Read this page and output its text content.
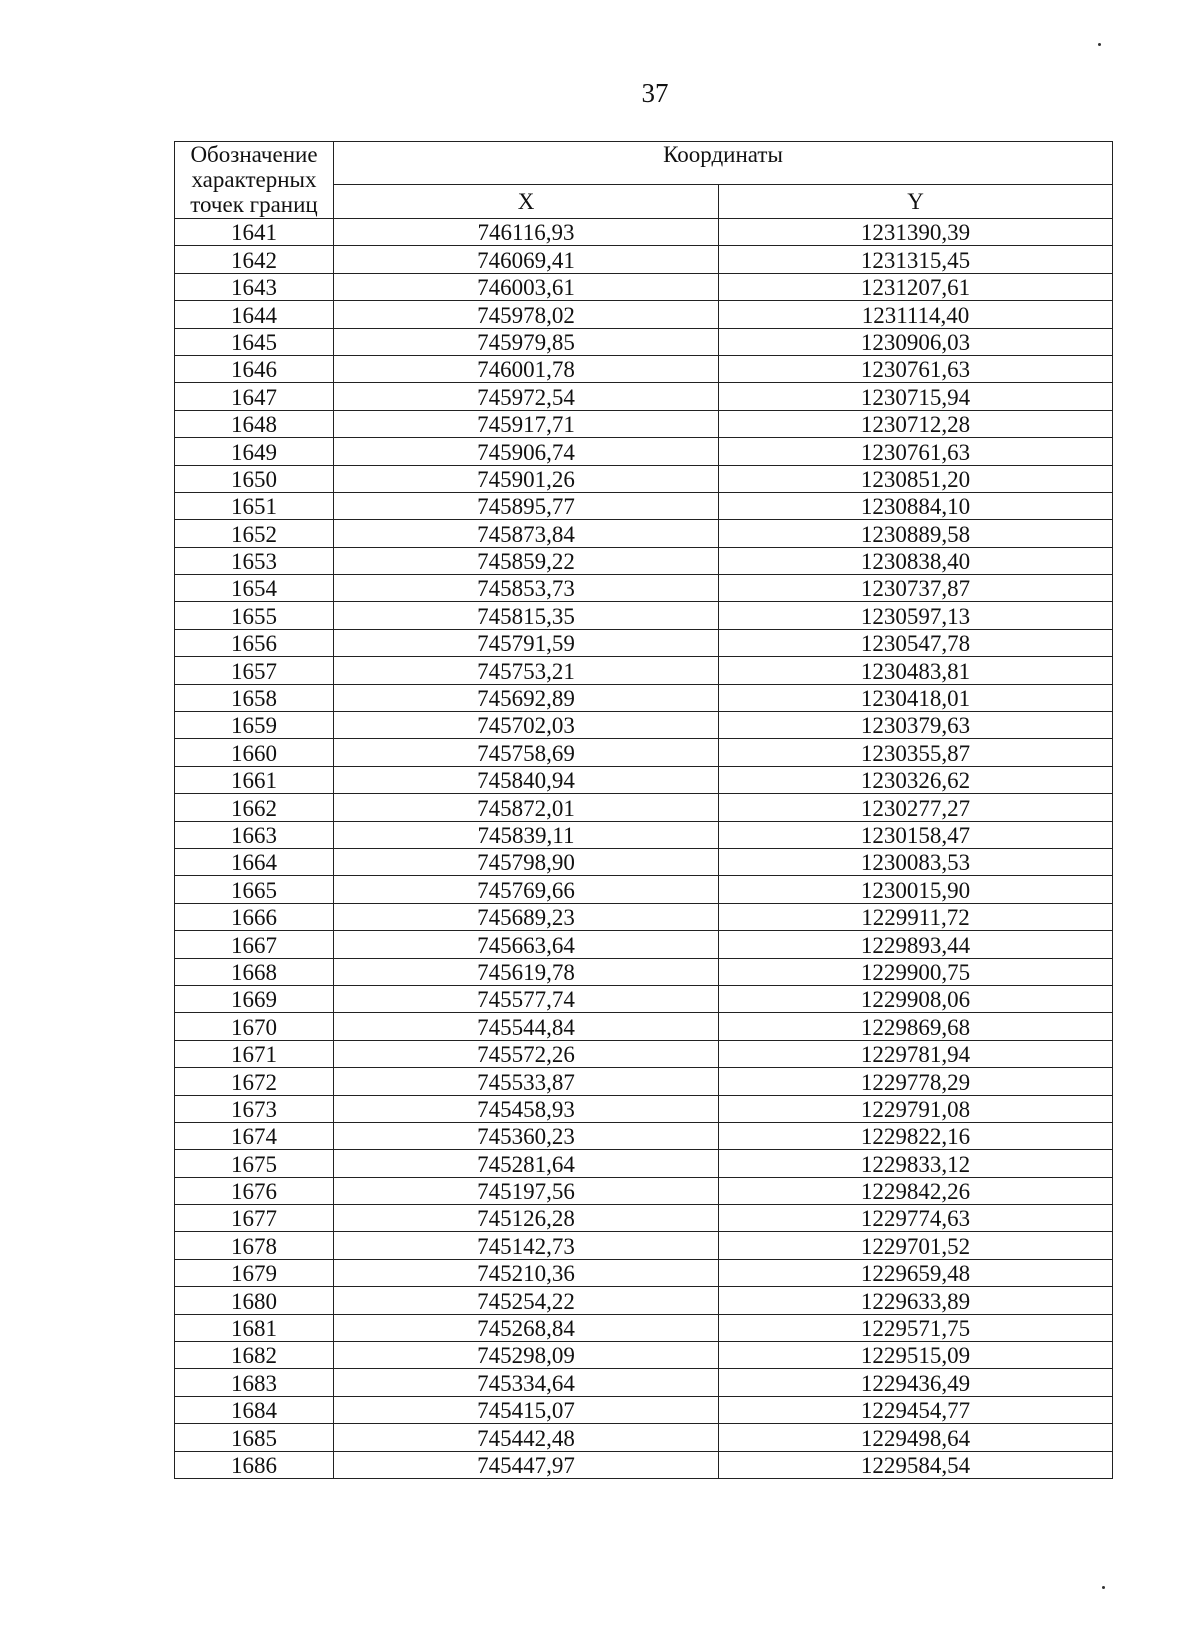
37
Обозначение характерных точек границ	Координаты	
	X	Y
1641	746116,93	1231390,39
1642	746069,41	1231315,45
1643	746003,61	1231207,61
1644	745978,02	1231114,40
1645	745979,85	1230906,03
1646	746001,78	1230761,63
1647	745972,54	1230715,94
1648	745917,71	1230712,28
1649	745906,74	1230761,63
1650	745901,26	1230851,20
1651	745895,77	1230884,10
1652	745873,84	1230889,58
1653	745859,22	1230838,40
1654	745853,73	1230737,87
1655	745815,35	1230597,13
1656	745791,59	1230547,78
1657	745753,21	1230483,81
1658	745692,89	1230418,01
1659	745702,03	1230379,63
1660	745758,69	1230355,87
1661	745840,94	1230326,62
1662	745872,01	1230277,27
1663	745839,11	1230158,47
1664	745798,90	1230083,53
1665	745769,66	1230015,90
1666	745689,23	1229911,72
1667	745663,64	1229893,44
1668	745619,78	1229900,75
1669	745577,74	1229908,06
1670	745544,84	1229869,68
1671	745572,26	1229781,94
1672	745533,87	1229778,29
1673	745458,93	1229791,08
1674	745360,23	1229822,16
1675	745281,64	1229833,12
1676	745197,56	1229842,26
1677	745126,28	1229774,63
1678	745142,73	1229701,52
1679	745210,36	1229659,48
1680	745254,22	1229633,89
1681	745268,84	1229571,75
1682	745298,09	1229515,09
1683	745334,64	1229436,49
1684	745415,07	1229454,77
1685	745442,48	1229498,64
1686	745447,97	1229584,54
